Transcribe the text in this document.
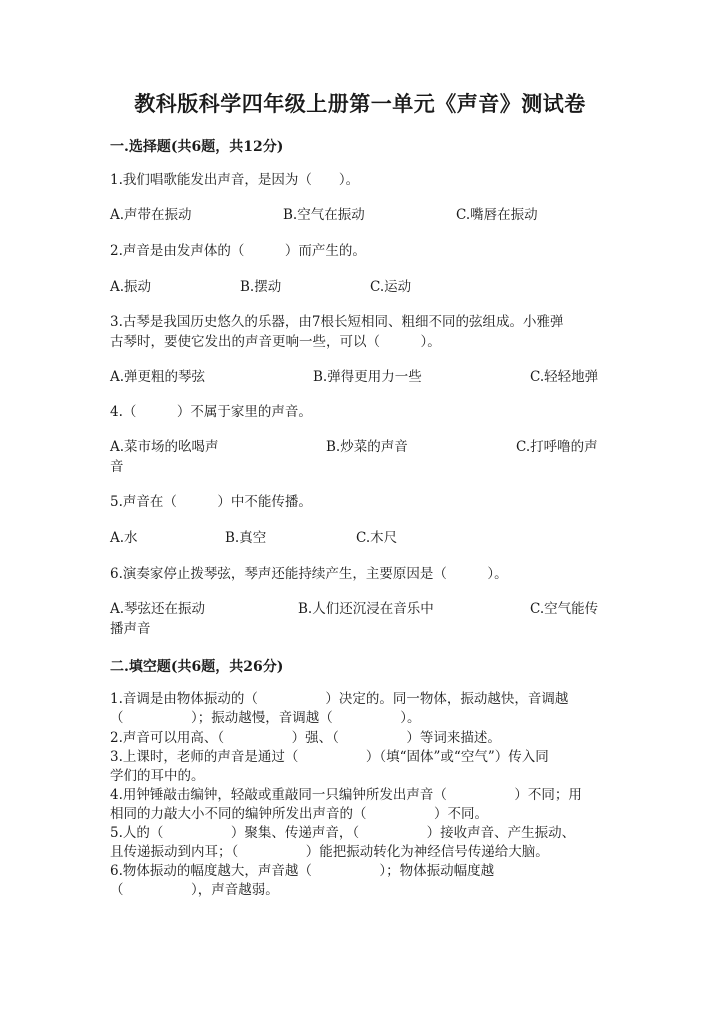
教科版科学四年级上册第一单元《声音》测试卷
一.选择题(共6题，共12分)
1.我们唱歌能发出声音，是因为（　　）。
A.声带在振动	B.空气在振动	C.嘴唇在振动
2.声音是由发声体的（　　　）而产生的。
A.振动	B.摆动	C.运动
3.古琴是我国历史悠久的乐器，由7根长短相同、粗细不同的弦组成。小雅弹
古琴时，要使它发出的声音更响一些，可以（　　　）。
A.弹更粗的琴弦	B.弹得更用力一些	C.轻轻地弹
4.（　　　）不属于家里的声音。
A.菜市场的吆喝声	B.炒菜的声音	C.打呼噜的声音
5.声音在（　　　）中不能传播。
A.水	B.真空	C.木尺
6.演奏家停止拨琴弦，琴声还能持续产生，主要原因是（　　　）。
A.琴弦还在振动	B.人们还沉浸在音乐中	C.空气能传播声音
二.填空题(共6题，共26分)
1.音调是由物体振动的（　　　　　）决定的。同一物体，振动越快，音调越
（　　　　　）；振动越慢，音调越（　　　　　）。
2.声音可以用高、（　　　　　）强、（　　　　　）等词来描述。
3.上课时，老师的声音是通过（　　　　　）（填“固体”或“空气”）传入同
学们的耳中的。
4.用钟锤敲击编钟，轻敲或重敲同一只编钟所发出声音（　　　　　）不同；用
相同的力敲大小不同的编钟所发出声音的（　　　　　）不同。
5.人的（　　　　　）聚集、传递声音，（　　　　　）接收声音、产生振动、
且传递振动到内耳；（　　　　　）能把振动转化为神经信号传递给大脑。
6.物体振动的幅度越大，声音越（　　　　　）；物体振动幅度越
（　　　　　），声音越弱。
